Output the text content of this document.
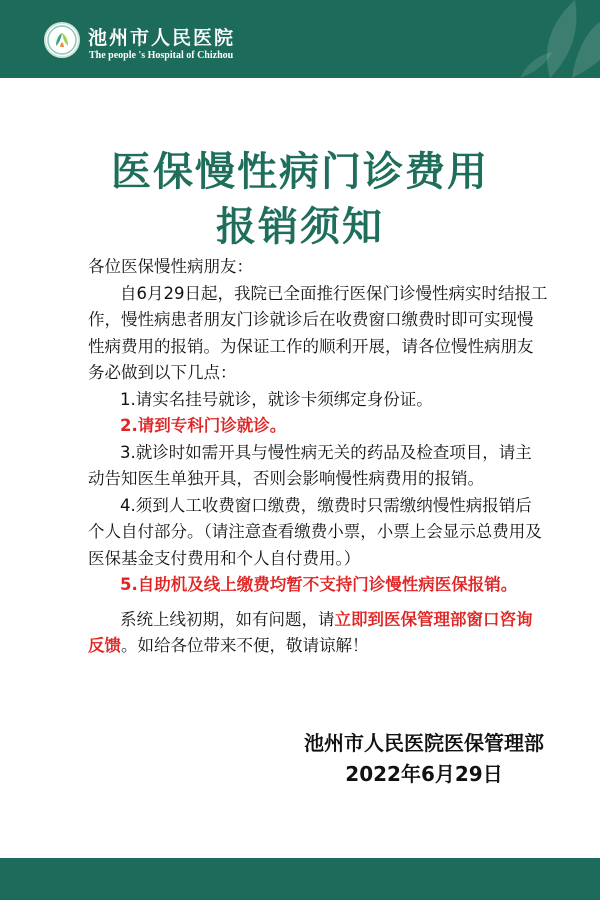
池州市人民医院
The people 's Hospital of Chizhou
医保慢性病门诊费用
报销须知

各位医保慢性病朋友：

自6月29日起，我院已全面推行医保门诊慢性病实时结报工作，慢性病患者朋友门诊就诊后在收费窗口缴费时即可实现慢性病费用的报销。为保证工作的顺利开展，请各位慢性病朋友务必做到以下几点：

1.请实名挂号就诊，就诊卡须绑定身份证。

2.请到专科门诊就诊。

3.就诊时如需开具与慢性病无关的药品及检查项目，请主动告知医生单独开具，否则会影响慢性病费用的报销。

4.须到人工收费窗口缴费，缴费时只需缴纳慢性病报销后个人自付部分。（请注意查看缴费小票，小票上会显示总费用及医保基金支付费用和个人自付费用。）

5.自助机及线上缴费均暂不支持门诊慢性病医保报销。

系统上线初期，如有问题，请立即到医保管理部窗口咨询反馈。如给各位带来不便，敬请谅解！

池州市人民医院医保管理部
2022年6月29日
